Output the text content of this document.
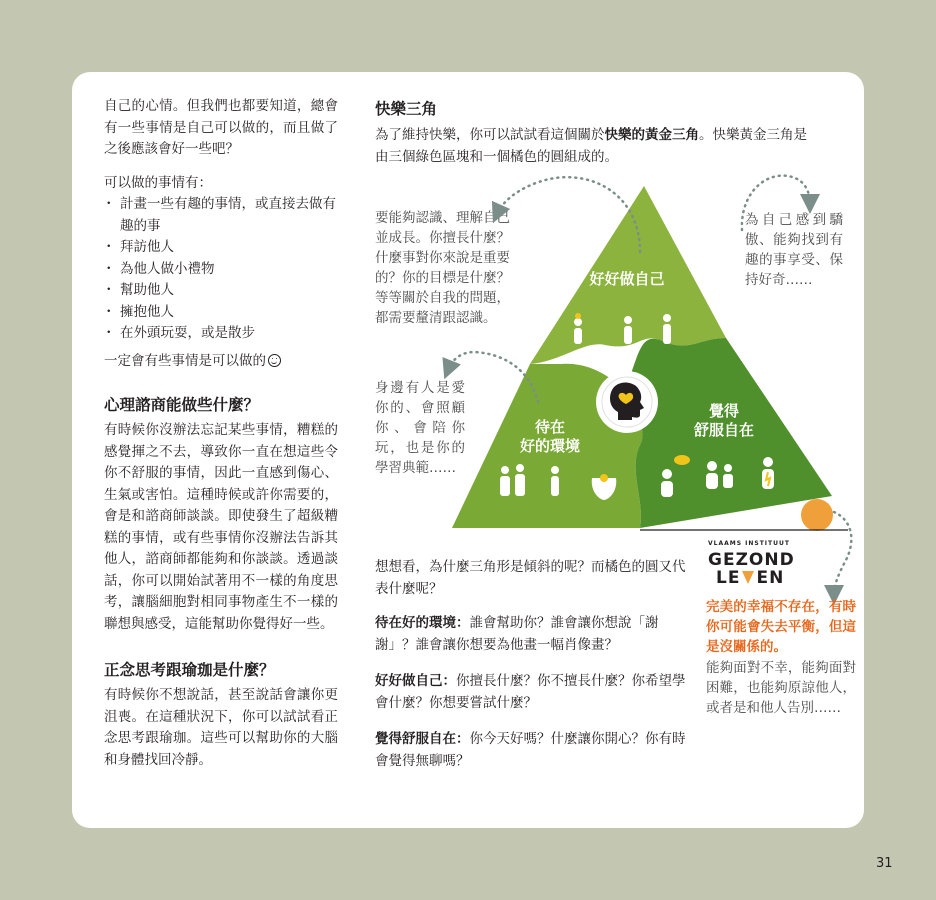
自己的心情。但我們也都要知道，總會有一些事情是自己可以做的，而且做了之後應該會好一些吧？

可以做的事情有：

・ 計畫一些有趣的事情，或直接去做有趣的事
・ 拜訪他人
・ 為他人做小禮物
・ 幫助他人
・ 擁抱他人
・ 在外頭玩耍，或是散步

一定會有些事情是可以做的

心理諮商能做些什麼？

有時候你沒辦法忘記某些事情，糟糕的感覺揮之不去，導致你一直在想這些令你不舒服的事情，因此一直感到傷心、生氣或害怕。這種時候或許你需要的，會是和諮商師談談。即使發生了超級糟糕的事情，或有些事情你沒辦法告訴其他人，諮商師都能夠和你談談。透過談話，你可以開始試著用不一樣的角度思考，讓腦細胞對相同事物產生不一樣的聯想與感受，這能幫助你覺得好一些。

正念思考跟瑜珈是什麼？

有時候你不想說話，甚至說話會讓你更沮喪。在這種狀況下，你可以試試看正念思考跟瑜珈。這些可以幫助你的大腦和身體找回冷靜。

快樂三角

為了維持快樂，你可以試試看這個關於快樂的黃金三角。快樂黃金三角是由三個綠色區塊和一個橘色的圓組成的。

要能夠認識、理解自己並成長。你擅長什麼？什麼事對你來說是重要的？你的目標是什麼？等等關於自我的問題，都需要釐清跟認識。

身邊有人是愛你的、會照顧你、會陪你玩，也是你的學習典範……

為自己感到驕傲、能夠找到有趣的事享受、保持好奇……

好好做自己
待在
好的環境
覺得
舒服自在

想想看，為什麼三角形是傾斜的呢？而橘色的圓又代表什麼呢？

待在好的環境：誰會幫助你？誰會讓你想說「謝謝」？誰會讓你想要為他畫一幅肖像畫？

好好做自己：你擅長什麼？你不擅長什麼？你希望學會什麼？你想要嘗試什麼？

覺得舒服自在：你今天好嗎？什麼讓你開心？你有時會覺得無聊嗎？

VLAAMS INSTITUUT
GEZOND
LE EN

完美的幸福不存在，有時你可能會失去平衡，但這是沒關係的。

能夠面對不幸，能夠面對困難，也能夠原諒他人，或者是和他人告別……

31
